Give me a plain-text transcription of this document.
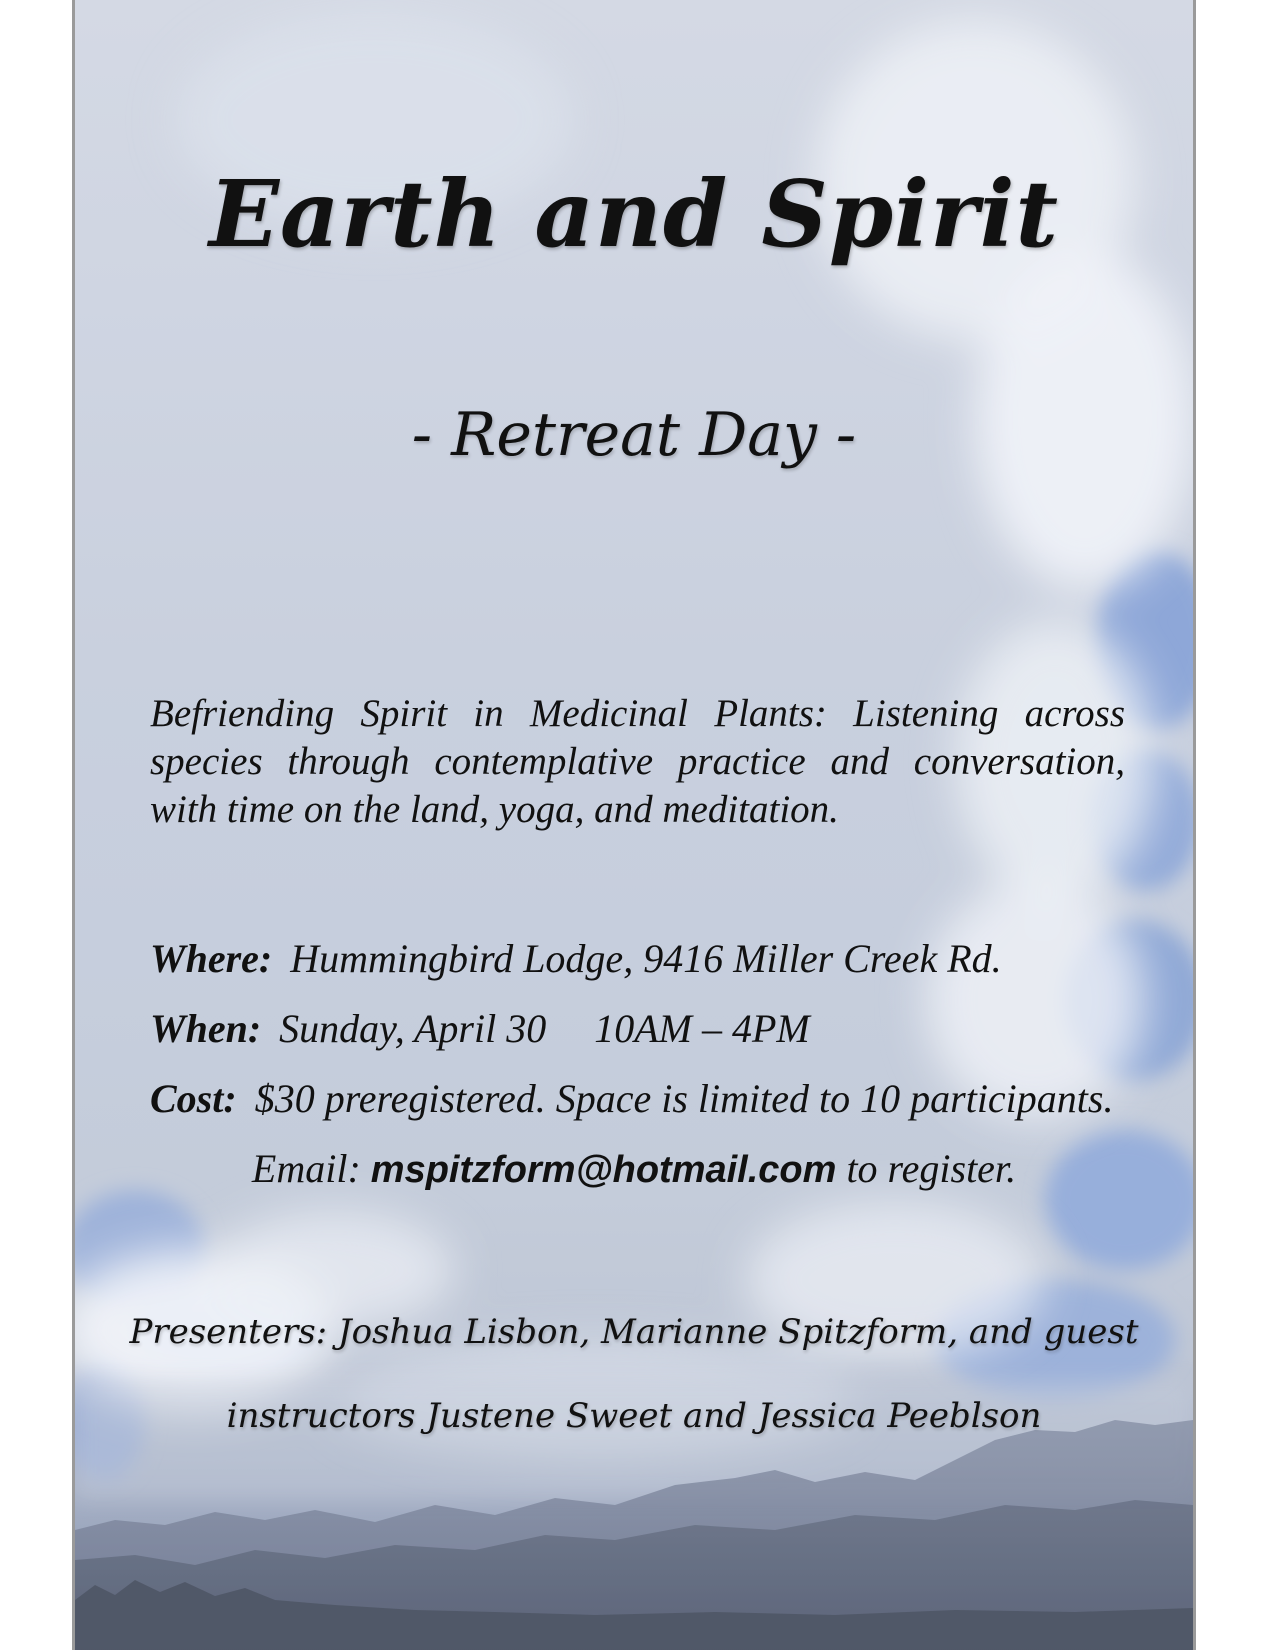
Earth and Spirit
- Retreat Day -

Befriending Spirit in Medicinal Plants: Listening across species through contemplative practice and conversation, with time on the land, yoga, and meditation.

Where: Hummingbird Lodge, 9416 Miller Creek Rd.
When: Sunday, April 30 10AM – 4PM
Cost: $30 preregistered. Space is limited to 10 participants.
Email: mspitzform@hotmail.com to register.
Presenters: Joshua Lisbon, Marianne Spitzform, and guest
instructors Justene Sweet and Jessica Peeblson
